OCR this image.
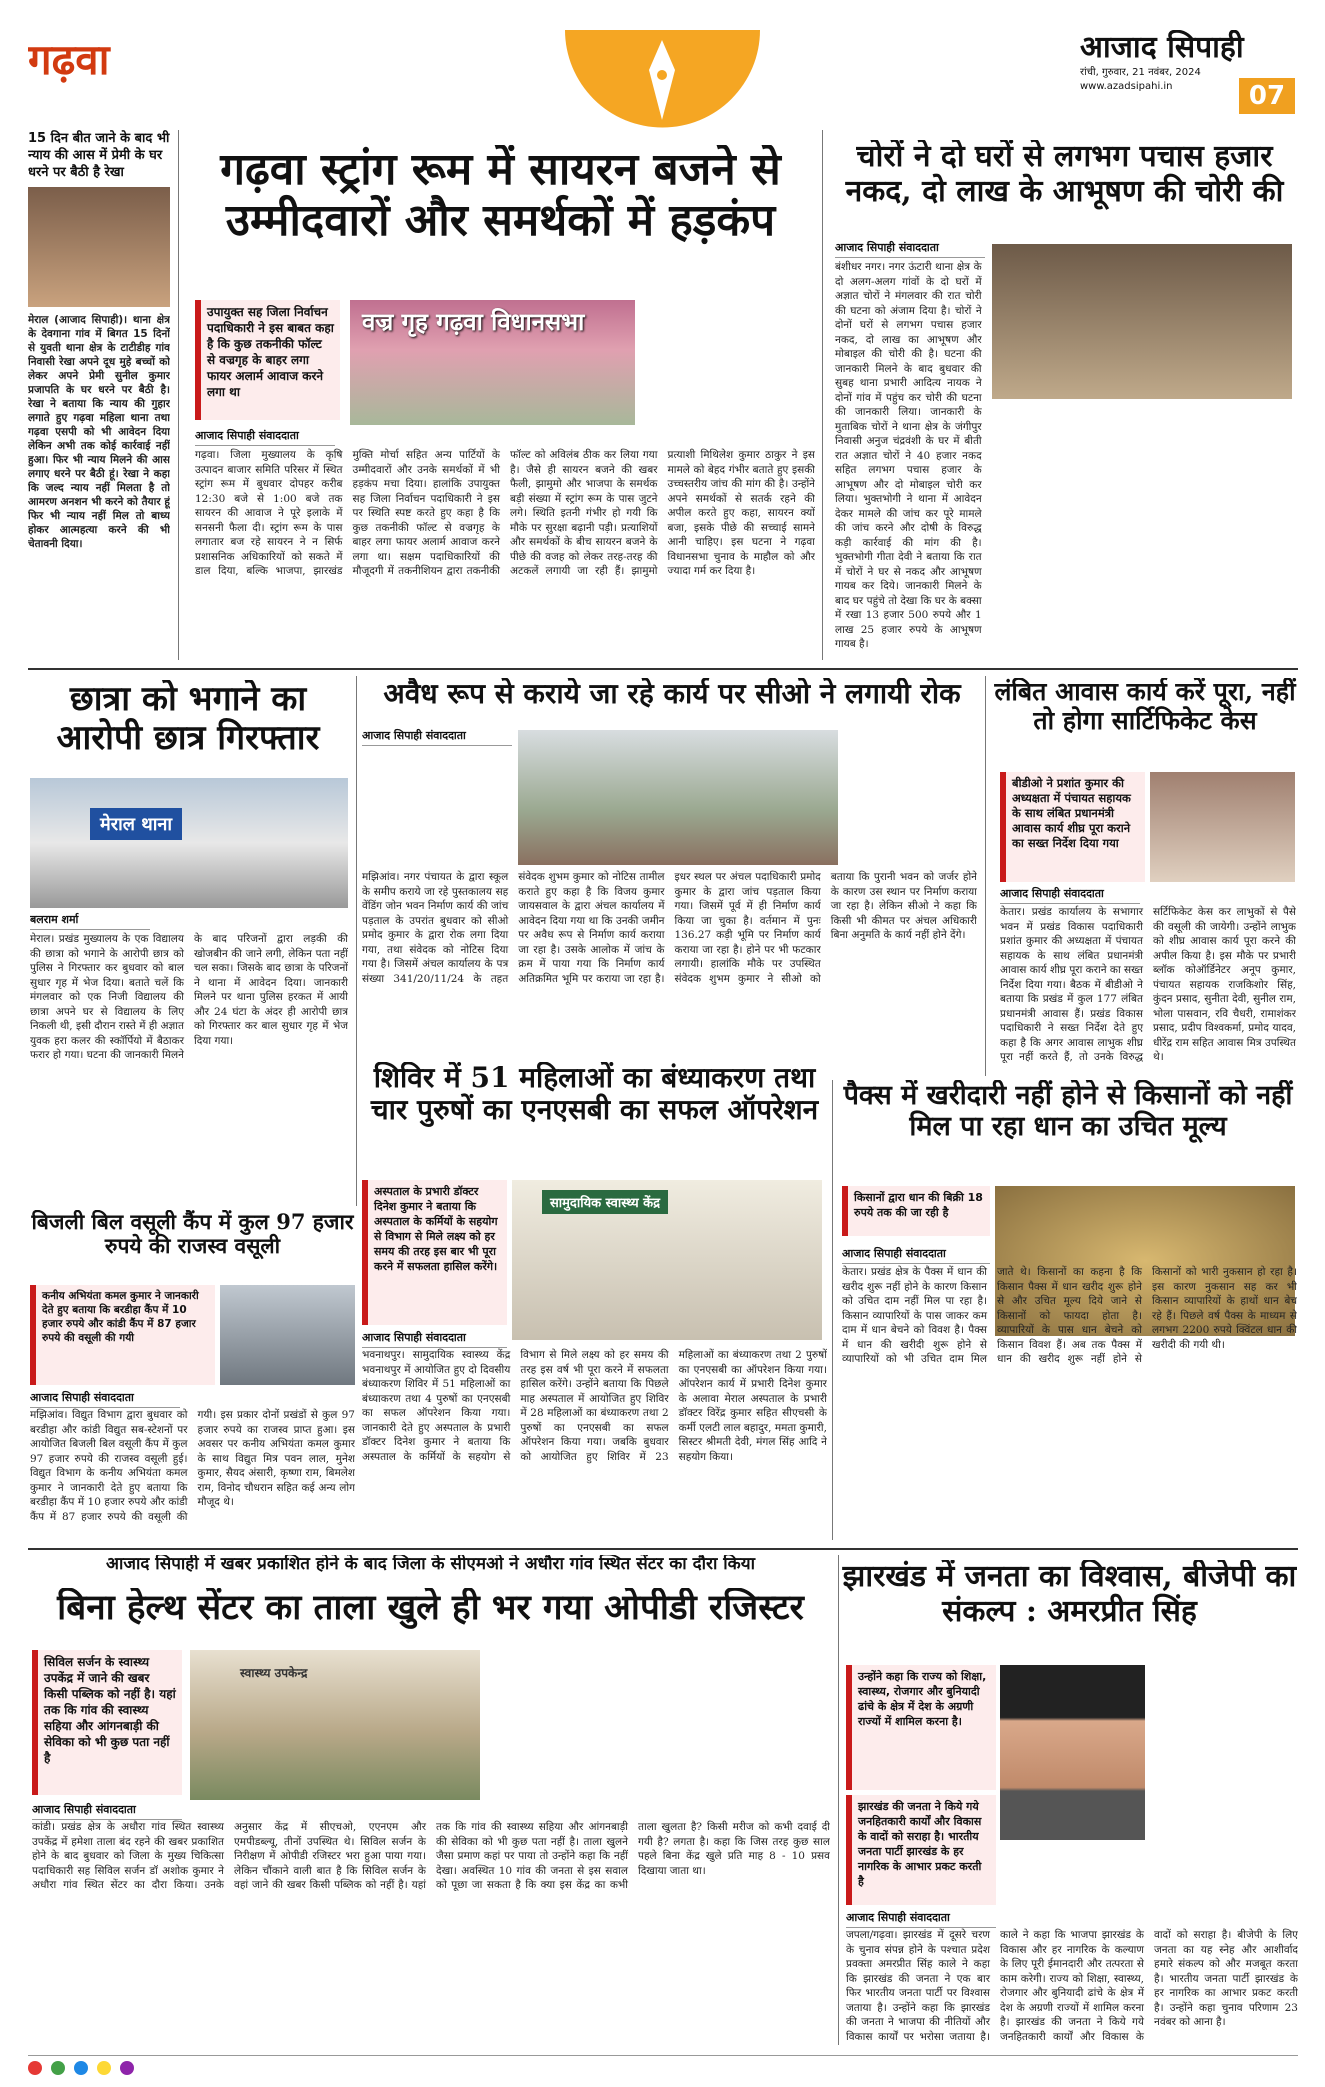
गढ़वा	आजाद सिपाही
रांची, गुरुवार, 21 नवंबर, 2024
www.azadsipahi.in	07
15 दिन बीत जाने के बाद भी न्याय की आस में प्रेमी के घर धरने पर बैठी है रेखा
मेराल (आजाद सिपाही)। थाना क्षेत्र के देवगाना गांव में बिगत 15 दिनों से युवती थाना क्षेत्र के टाटीडीह गांव निवासी रेखा अपने दूध मुहे बच्चों को लेकर अपने प्रेमी सुनील कुमार प्रजापति के घर धरने पर बैठी है। रेखा ने बताया कि न्याय की गुहार लगाते हुए गढ़वा महिला थाना तथा गढ़वा एसपी को भी आवेदन दिया लेकिन अभी तक कोई कार्रवाई नहीं हुआ। फिर भी न्याय मिलने की आस लगाए धरने पर बैठी हूं। रेखा ने कहा कि जल्द न्याय नहीं मिलता है तो आमरण अनशन भी करने को तैयार हूं फिर भी न्याय नहीं मिल तो बाध्य होकर आत्महत्या करने की भी चेतावनी दिया।
गढ़वा स्ट्रांग रूम में सायरन बजने से उम्मीदवारों और समर्थकों में हड़कंप
उपायुक्त सह जिला निर्वाचन पदाधिकारी ने इस बाबत कहा है कि कुछ तकनीकी फॉल्ट से वज्रगृह के बाहर लगा फायर अलार्म आवाज करने लगा था
वज्र गृह गढ़वा विधानसभा
आजाद सिपाही संवाददाता
गढ़वा। जिला मुख्यालय के कृषि उत्पादन बाजार समिति परिसर में स्थित स्ट्रांग रूम में बुधवार दोपहर करीब 12:30 बजे से 1:00 बजे तक सायरन की आवाज ने पूरे इलाके में सनसनी फैला दी। स्ट्रांग रूम के पास लगातार बज रहे सायरन ने न सिर्फ प्रशासनिक अधिकारियों को सकते में डाल दिया, बल्कि भाजपा, झारखंड मुक्ति मोर्चा सहित अन्य पार्टियों के उम्मीदवारों और उनके समर्थकों में भी हड़कंप मचा दिया। हालांकि उपायुक्त सह जिला निर्वाचन पदाधिकारी ने इस पर स्थिति स्पष्ट करते हुए कहा है कि कुछ तकनीकी फॉल्ट से वज्रगृह के बाहर लगा फायर अलार्म आवाज करने लगा था। सक्षम पदाधिकारियों की मौजूदगी में तकनीशियन द्वारा तकनीकी फॉल्ट को अविलंब ठीक कर लिया गया है। जैसे ही सायरन बजने की खबर फैली, झामुमो और भाजपा के समर्थक बड़ी संख्या में स्ट्रांग रूम के पास जुटने लगे। स्थिति इतनी गंभीर हो गयी कि मौके पर सुरक्षा बढ़ानी पड़ी। प्रत्याशियों और समर्थकों के बीच सायरन बजने के पीछे की वजह को लेकर तरह-तरह की अटकलें लगायी जा रही हैं। झामुमो प्रत्याशी मिथिलेश कुमार ठाकुर ने इस मामले को बेहद गंभीर बताते हुए इसकी उच्चस्तरीय जांच की मांग की है। उन्होंने अपने समर्थकों से सतर्क रहने की अपील करते हुए कहा, सायरन क्यों बजा, इसके पीछे की सच्चाई सामने आनी चाहिए। इस घटना ने गढ़वा विधानसभा चुनाव के माहौल को और ज्यादा गर्म कर दिया है।
चोरों ने दो घरों से लगभग पचास हजार नकद, दो लाख के आभूषण की चोरी की
आजाद सिपाही संवाददाता
बंशीधर नगर। नगर ऊंटारी थाना क्षेत्र के दो अलग-अलग गांवों के दो घरों में अज्ञात चोरों ने मंगलवार की रात चोरी की घटना को अंजाम दिया है। चोरों ने दोनों घरों से लगभग पचास हजार नकद, दो लाख का आभूषण और मोबाइल की चोरी की है। घटना की जानकारी मिलने के बाद बुधवार की सुबह थाना प्रभारी आदित्य नायक ने दोनों गांव में पहुंच कर चोरी की घटना की जानकारी लिया। जानकारी के मुताबिक चोरों ने थाना क्षेत्र के जंगीपुर निवासी अनुज चंद्रवंशी के घर में बीती रात अज्ञात चोरों ने 40 हजार नकद सहित लगभग पचास हजार के आभूषण और दो मोबाइल चोरी कर लिया। भुक्तभोगी ने थाना में आवेदन देकर मामले की जांच कर पूरे मामले की जांच करने और दोषी के विरुद्ध कड़ी कार्रवाई की मांग की है। भुक्तभोगी गीता देवी ने बताया कि रात में चोरों ने घर से नकद और आभूषण गायब कर दिये। जानकारी मिलने के बाद घर पहुंचे तो देखा कि घर के बक्सा में रखा 13 हजार 500 रुपये और 1 लाख 25 हजार रुपये के आभूषण गायब है।
छात्रा को भगाने का आरोपी छात्र गिरफ्तार
मेराल थाना
बलराम शर्मा
मेराल। प्रखंड मुख्यालय के एक विद्यालय की छात्रा को भगाने के आरोपी छात्र को पुलिस ने गिरफ्तार कर बुधवार को बाल सुधार गृह में भेज दिया। बताते चलें कि मंगलवार को एक निजी विद्यालय की छात्रा अपने घर से विद्यालय के लिए निकली थी, इसी दौरान रास्ते में ही अज्ञात युवक हरा कलर की स्कॉर्पियो में बैठाकर फरार हो गया। घटना की जानकारी मिलने के बाद परिजनों द्वारा लड़की की खोजबीन की जाने लगी, लेकिन पता नहीं चल सका। जिसके बाद छात्रा के परिजनों ने थाना में आवेदन दिया। जानकारी मिलने पर थाना पुलिस हरकत में आयी और 24 घंटा के अंदर ही आरोपी छात्र को गिरफ्तार कर बाल सुधार गृह में भेज दिया गया।
अवैध रूप से कराये जा रहे कार्य पर सीओ ने लगायी रोक
आजाद सिपाही संवाददाता
मझिआंव। नगर पंचायत के द्वारा स्कूल के समीप कराये जा रहे पुस्तकालय सह वेंडिंग जोन भवन निर्माण कार्य की जांच पड़ताल के उपरांत बुधवार को सीओ प्रमोद कुमार के द्वारा रोक लगा दिया गया, तथा संवेदक को नोटिस दिया गया है। जिसमें अंचल कार्यालय के पत्र संख्या 341/20/11/24 के तहत संवेदक शुभम कुमार को नोटिस तामील कराते हुए कहा है कि विजय कुमार जायसवाल के द्वारा अंचल कार्यालय में आवेदन दिया गया था कि उनकी जमीन पर अवैध रूप से निर्माण कार्य कराया जा रहा है। उसके आलोक में जांच के क्रम में पाया गया कि निर्माण कार्य अतिक्रमित भूमि पर कराया जा रहा है। इधर स्थल पर अंचल पदाधिकारी प्रमोद कुमार के द्वारा जांच पड़ताल किया गया। जिसमें पूर्व में ही निर्माण कार्य किया जा चुका है। वर्तमान में पुनः 136.27 कड़ी भूमि पर निर्माण कार्य कराया जा रहा है। होने पर भी फटकार लगायी। हालांकि मौके पर उपस्थित संवेदक शुभम कुमार ने सीओ को बताया कि पुरानी भवन को जर्जर होने के कारण उस स्थान पर निर्माण कराया जा रहा है। लेकिन सीओ ने कहा कि किसी भी कीमत पर अंचल अधिकारी बिना अनुमति के कार्य नहीं होने देंगे।
लंबित आवास कार्य करें पूरा, नहीं तो होगा सार्टिफिकेट केस
बीडीओ ने प्रशांत कुमार की अध्यक्षता में पंचायत सहायक के साथ लंबित प्रधानमंत्री आवास कार्य शीघ्र पूरा कराने का सख्त निर्देश दिया गया
आजाद सिपाही संवाददाता
केतार। प्रखंड कार्यालय के सभागार भवन में प्रखंड विकास पदाधिकारी प्रशांत कुमार की अध्यक्षता में पंचायत सहायक के साथ लंबित प्रधानमंत्री आवास कार्य शीघ्र पूरा कराने का सख्त निर्देश दिया गया। बैठक में बीडीओ ने बताया कि प्रखंड में कुल 177 लंबित प्रधानमंत्री आवास हैं। प्रखंड विकास पदाधिकारी ने सख्त निर्देश देते हुए कहा है कि अगर आवास लाभुक शीघ्र पूरा नहीं करते हैं, तो उनके विरुद्ध सर्टिफिकेट केस कर लाभुकों से पैसे की वसूली की जायेगी। उन्होंने लाभुक को शीघ्र आवास कार्य पूरा करने की अपील किया है। इस मौके पर प्रभारी ब्लॉक कोऑर्डिनेटर अनूप कुमार, पंचायत सहायक राजकिशोर सिंह, कुंदन प्रसाद, सुनीता देवी, सुनील राम, भोला पासवान, रवि चैधरी, रामाशंकर प्रसाद, प्रदीप विश्वकर्मा, प्रमोद यादव, धीरेंद्र राम सहित आवास मित्र उपस्थित थे।
शिविर में 51 महिलाओं का बंध्याकरण तथा चार पुरुषों का एनएसबी का सफल ऑपरेशन
अस्पताल के प्रभारी डॉक्टर दिनेश कुमार ने बताया कि अस्पताल के कर्मियों के सहयोग से विभाग से मिले लक्ष्य को हर समय की तरह इस बार भी पूरा करने में सफलता हासिल करेंगे।
सामुदायिक स्वास्थ्य केंद्र
आजाद सिपाही संवाददाता
भवनाथपुर। सामुदायिक स्वास्थ्य केंद्र भवनाथपुर में आयोजित हुए दो दिवसीय बंध्याकरण शिविर में 51 महिलाओं का बंध्याकरण तथा 4 पुरुषों का एनएसबी का सफल ऑपरेशन किया गया। जानकारी देते हुए अस्पताल के प्रभारी डॉक्टर दिनेश कुमार ने बताया कि अस्पताल के कर्मियों के सहयोग से विभाग से मिले लक्ष्य को हर समय की तरह इस वर्ष भी पूरा करने में सफलता हासिल करेंगे। उन्होंने बताया कि पिछले माह अस्पताल में आयोजित हुए शिविर में 28 महिलाओं का बंध्याकरण तथा 2 पुरुषों का एनएसबी का सफल ऑपरेशन किया गया। जबकि बुधवार को आयोजित हुए शिविर में 23 महिलाओं का बंध्याकरण तथा 2 पुरुषों का एनएसबी का ऑपरेशन किया गया। ऑपरेशन कार्य में प्रभारी दिनेश कुमार के अलावा मेराल अस्पताल के प्रभारी डॉक्टर विरेंद्र कुमार सहित सीएचसी के कर्मी एलटी लाल बहादुर, ममता कुमारी, सिस्टर श्रीमती देवी, मंगल सिंह आदि ने सहयोग किया।
बिजली बिल वसूली कैंप में कुल 97 हजार रुपये की राजस्व वसूली
कनीय अभियंता कमल कुमार ने जानकारी देते हुए बताया कि बरडीहा कैंप में 10 हजार रुपये और कांडी कैंप में 87 हजार रुपये की वसूली की गयी
आजाद सिपाही संवाददाता
मझिआंव। विद्युत विभाग द्वारा बुधवार को बरडीहा और कांडी विद्युत सब-स्टेशनों पर आयोजित बिजली बिल वसूली कैंप में कुल 97 हजार रुपये की राजस्व वसूली हुई। विद्युत विभाग के कनीय अभियंता कमल कुमार ने जानकारी देते हुए बताया कि बरडीहा कैंप में 10 हजार रुपये और कांडी कैंप में 87 हजार रुपये की वसूली की गयी। इस प्रकार दोनों प्रखंडों से कुल 97 हजार रुपये का राजस्व प्राप्त हुआ। इस अवसर पर कनीय अभियंता कमल कुमार के साथ विद्युत मित्र पवन लाल, मुनेश कुमार, सैयद अंसारी, कृष्णा राम, बिमलेश राम, विनोद चौधरान सहित कई अन्य लोग मौजूद थे।
पैक्स में खरीदारी नहीं होने से किसानों को नहीं मिल पा रहा धान का उचित मूल्य
किसानों द्वारा धान की बिक्री 18 रुपये तक की जा रही है
आजाद सिपाही संवाददाता
केतार। प्रखंड क्षेत्र के पैक्स में धान की खरीद शुरू नहीं होने के कारण किसान को उचित दाम नहीं मिल पा रहा है। किसान व्यापारियों के पास जाकर कम दाम में धान बेचने को विवश है। पैक्स में धान की खरीदी शुरू होने से व्यापारियों को भी उचित दाम मिल जाते थे। किसानों का कहना है कि किसान पैक्स में धान खरीद शुरू होने से और उचित मूल्य दिये जाने से किसानों को फायदा होता है। व्यापारियों के पास धान बेचने को किसान विवश हैं। अब तक पैक्स में धान की खरीद शुरू नहीं होने से किसानों को भारी नुकसान हो रहा है। इस कारण नुकसान सह कर भी किसान व्यापारियों के हाथों धान बेच रहे हैं। पिछले वर्ष पैक्स के माध्यम से लगभग 2200 रुपये क्विंटल धान की खरीदी की गयी थी।
आजाद सिपाही में खबर प्रकाशित होने के बाद जिला के सीएमओ ने अधौरा गांव स्थित सेंटर का दौरा किया
बिना हेल्थ सेंटर का ताला खुले ही भर गया ओपीडी रजिस्टर
सिविल सर्जन के स्वास्थ्य उपकेंद्र में जाने की खबर किसी पब्लिक को नहीं है। यहां तक कि गांव की स्वास्थ्य सहिया और आंगनबाड़ी की सेविका को भी कुछ पता नहीं है
स्वास्थ्य उपकेन्द्र
आजाद सिपाही संवाददाता
कांडी। प्रखंड क्षेत्र के अधौरा गांव स्थित स्वास्थ्य उपकेंद्र में हमेशा ताला बंद रहने की खबर प्रकाशित होने के बाद बुधवार को जिला के मुख्य चिकित्सा पदाधिकारी सह सिविल सर्जन डॉ अशोक कुमार ने अधौरा गांव स्थित सेंटर का दौरा किया। उनके अनुसार केंद्र में सीएचओ, एएनएम और एमपीडब्ल्यू, तीनों उपस्थित थे। सिविल सर्जन के निरीक्षण में ओपीडी रजिस्टर भरा हुआ पाया गया। लेकिन चौंकाने वाली बात है कि सिविल सर्जन के वहां जाने की खबर किसी पब्लिक को नहीं है। यहां तक कि गांव की स्वास्थ्य सहिया और आंगनबाड़ी की सेविका को भी कुछ पता नहीं है। ताला खुलने जैसा प्रमाण कहां पर पाया तो उन्होंने कहा कि नहीं देखा। अवस्थित 10 गांव की जनता से इस सवाल को पूछा जा सकता है कि क्या इस केंद्र का कभी ताला खुलता है? किसी मरीज को कभी दवाई दी गयी है? लगता है। कहा कि जिस तरह कुछ साल पहले बिना केंद्र खुले प्रति माह 8 - 10 प्रसव दिखाया जाता था।
झारखंड में जनता का विश्वास, बीजेपी का संकल्प : अमरप्रीत सिंह
उन्होंने कहा कि राज्य को शिक्षा, स्वास्थ्य, रोजगार और बुनियादी ढांचे के क्षेत्र में देश के अग्रणी राज्यों में शामिल करना है।
झारखंड की जनता ने किये गये जनहितकारी कार्यों और विकास के वादों को सराहा है। भारतीय जनता पार्टी झारखंड के हर नागरिक के आभार प्रकट करती है
आजाद सिपाही संवाददाता
जपला/गढ़वा। झारखंड में दूसरे चरण के चुनाव संपन्न होने के पश्चात प्रदेश प्रवक्ता अमरप्रीत सिंह काले ने कहा कि झारखंड की जनता ने एक बार फिर भारतीय जनता पार्टी पर विश्वास जताया है। उन्होंने कहा कि झारखंड की जनता ने भाजपा की नीतियों और विकास कार्यों पर भरोसा जताया है। काले ने कहा कि भाजपा झारखंड के विकास और हर नागरिक के कल्याण के लिए पूरी ईमानदारी और तत्परता से काम करेगी। राज्य को शिक्षा, स्वास्थ्य, रोजगार और बुनियादी ढांचे के क्षेत्र में देश के अग्रणी राज्यों में शामिल करना है। झारखंड की जनता ने किये गये जनहितकारी कार्यों और विकास के वादों को सराहा है। बीजेपी के लिए जनता का यह स्नेह और आशीर्वाद हमारे संकल्प को और मजबूत करता है। भारतीय जनता पार्टी झारखंड के हर नागरिक का आभार प्रकट करती है। उन्होंने कहा चुनाव परिणाम 23 नवंबर को आना है।
